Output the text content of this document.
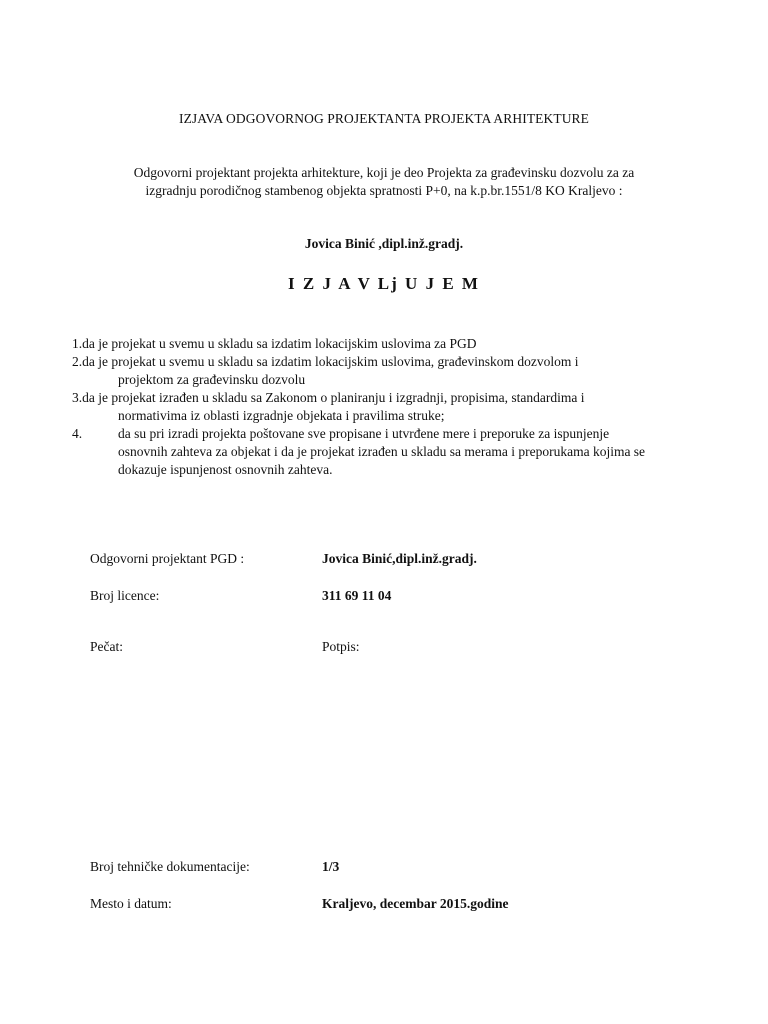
IZJAVA ODGOVORNOG PROJEKTANTA PROJEKTA ARHITEKTURE
Odgovorni projektant projekta arhitekture, koji je deo Projekta za građevinsku dozvolu za za
izgradnju porodičnog stambenog objekta spratnosti P+0, na k.p.br.1551/8 KO Kraljevo :
Jovica Binić ,dipl.inž.gradj.
I Z J A V Lj U J E M
1.da je projekat u svemu u skladu sa izdatim lokacijskim uslovima za PGD
2.da je projekat u svemu u skladu sa izdatim lokacijskim uslovima, građevinskom dozvolom i
projektom za građevinsku dozvolu
3.da je projekat izrađen u skladu sa Zakonom o planiranju i izgradnji, propisima, standardima i
normativima iz oblasti izgradnje objekata i pravilima struke;
4.	da su pri izradi projekta poštovane sve propisane i utvrđene mere i preporuke za ispunjenje
osnovnih zahteva za objekat i da je projekat izrađen u skladu sa merama i preporukama kojima se dokazuje ispunjenost osnovnih zahteva.
Odgovorni projektant PGD :	Jovica Binić,dipl.inž.gradj.
Broj licence:	311 69 11 04
Pečat:	Potpis:
Broj tehničke dokumentacije:	1/3
Mesto i datum:	Kraljevo, decembar 2015.godine
